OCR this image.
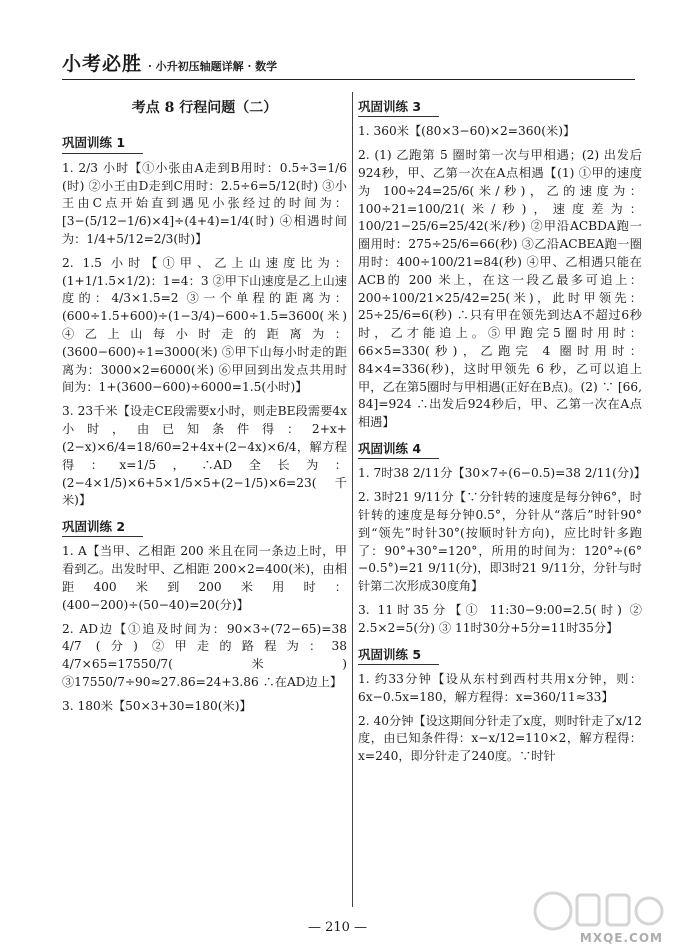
小考必胜 · 小升初压轴题详解 · 数学
考点 8 行程问题（二）
巩固训练 1
1. 2/3 小时【①小张由A走到B用时：0.5÷3=1/6 (时) ②小王由D走到C用时：2.5÷6=5/12(时) ③小王由C点开始直到遇见小张经过的时间为：[3−(5/12−1/6)×4]÷(4+4)=1/4(时) ④相遇时间为：1/4+5/12=2/3(时)】
2. 1.5 小时【①甲、乙上山速度比为：(1+1/1.5×1/2)：1=4：3 ②甲下山速度是乙上山速度的：4/3×1.5=2 ③一个单程的距离为：(600÷1.5+600)÷(1−3/4)−600÷1.5=3600(米) ④乙上山每小时走的距离为：(3600−600)÷1=3000(米) ⑤甲下山每小时走的距离为：3000×2=6000(米) ⑥甲回到出发点共用时间为：1+(3600−600)÷6000=1.5(小时)】
3. 23千米【设走CE段需要x小时，则走BE段需要4x小时，由已知条件得：2+x+(2−x)×6/4=18/60=2+4x+(2−4x)×6/4，解方程得：x=1/5，∴AD全长为：(2−4×1/5)×6+5×1/5×5+(2−1/5)×6=23(千米)】
巩固训练 2
1. A【当甲、乙相距 200 米且在同一条边上时，甲看到乙。出发时甲、乙相距 200×2=400(米)，由相距400米到200米用时：(400−200)÷(50−40)=20(分)】
2. AD边【①追及时间为：90×3÷(72−65)=38 4/7 (分) ②甲走的路程为：38 4/7×65=17550/7(米) ③17550/7÷90≈27.86=24+3.86 ∴在AD边上】
3. 180米【50×3+30=180(米)】
巩固训练 3
1. 360米【(80×3−60)×2=360(米)】
2. (1) 乙跑第 5 圈时第一次与甲相遇；(2) 出发后924秒，甲、乙第一次在A点相遇【(1) ①甲的速度为 100÷24=25/6(米/秒)，乙的速度为：100÷21=100/21(米/秒)，速度差为：100/21−25/6=25/42(米/秒) ②甲沿ACBDA跑一圈用时：275÷25/6=66(秒) ③乙沿ACBEA跑一圈用时：400÷100/21=84(秒) ④甲、乙相遇只能在ACB的 200 米上，在这一段乙最多可追上：200÷100/21×25/42=25(米)，此时甲领先：25÷25/6=6(秒) ∴只有甲在领先到达A不超过6秒时，乙才能追上。⑤甲跑完5圈时用时：66×5=330(秒)，乙跑完 4 圈时用时：84×4=336(秒)，这时甲领先 6 秒，乙可以追上甲，乙在第5圈时与甲相遇(正好在B点)。(2) ∵ [66, 84]=924 ∴出发后924秒后，甲、乙第一次在A点相遇】
巩固训练 4
1. 7时38 2/11分【30×7÷(6−0.5)=38 2/11(分)】
2. 3时21 9/11分【∵分针转的速度是每分钟6°，时针转的速度是每分钟0.5°，分针从“落后”时针90°到“领先”时针30°(按顺时针方向)，应比时针多跑了：90°+30°=120°，所用的时间为：120°÷(6°−0.5°)=21 9/11(分)，即3时21 9/11分，分针与时针第二次形成30度角】
3. 11时35分【① 11:30−9:00=2.5(时) ② 2.5×2=5(分) ③ 11时30分+5分=11时35分】
巩固训练 5
1. 约33分钟【设从东村到西村共用x分钟，则：6x−0.5x=180，解方程得：x=360/11≈33】
2. 40分钟【设这期间分针走了x度，则时针走了x/12度，由已知条件得：x−x/12=110×2，解方程得：x=240，即分针走了240度。∵时针
— 210 —
MXQE.COM
